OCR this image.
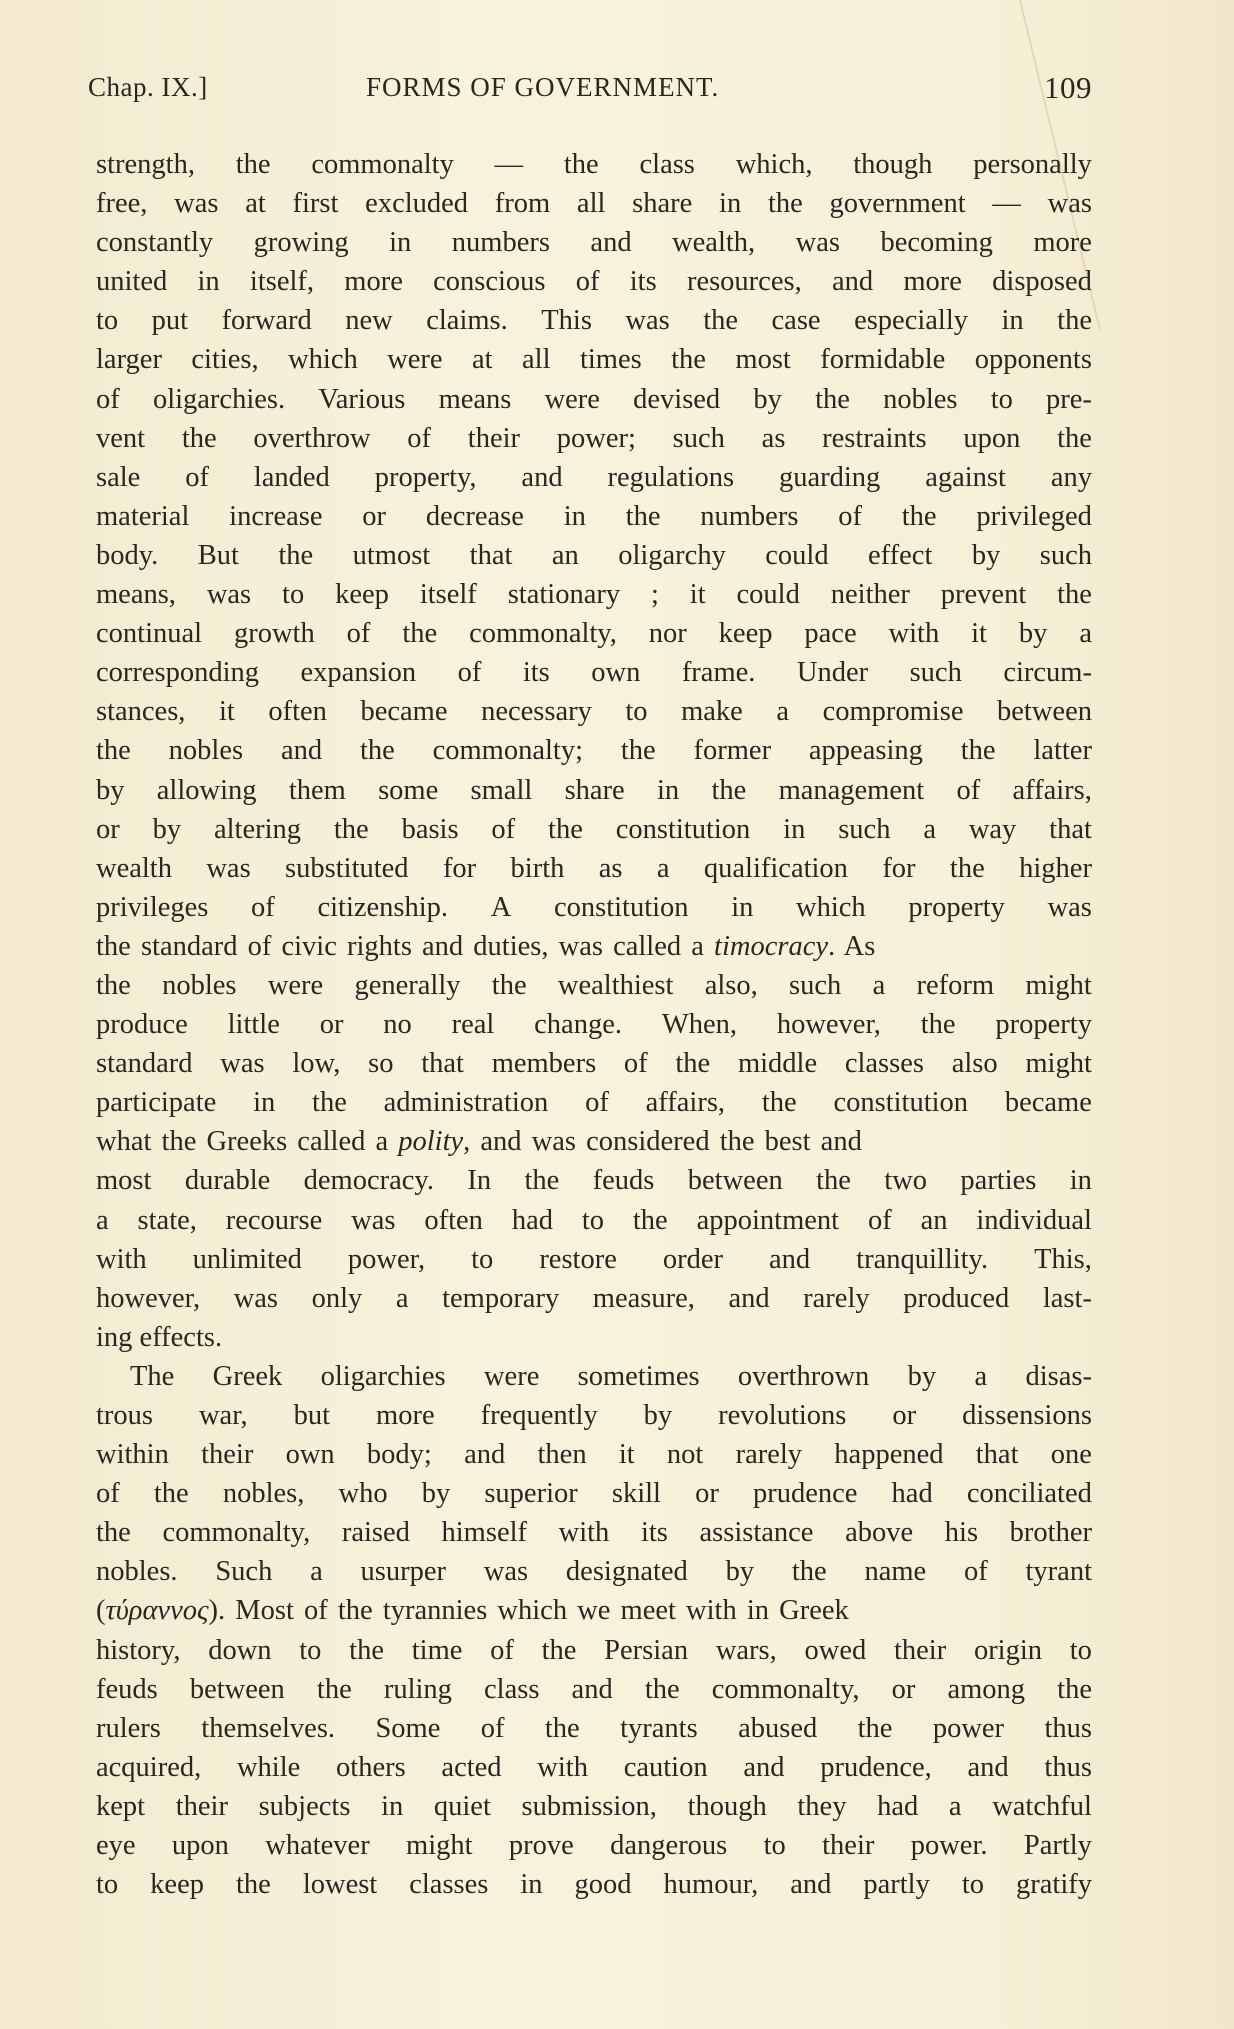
Chap. IX.]	FORMS OF GOVERNMENT.	109
strength, the commonalty — the class which, though personally
free, was at first excluded from all share in the government — was
constantly growing in numbers and wealth, was becoming more
united in itself, more conscious of its resources, and more disposed
to put forward new claims. This was the case especially in the
larger cities, which were at all times the most formidable opponents
of oligarchies. Various means were devised by the nobles to pre-
vent the overthrow of their power; such as restraints upon the
sale of landed property, and regulations guarding against any
material increase or decrease in the numbers of the privileged
body. But the utmost that an oligarchy could effect by such
means, was to keep itself stationary ; it could neither prevent the
continual growth of the commonalty, nor keep pace with it by a
corresponding expansion of its own frame. Under such circum-
stances, it often became necessary to make a compromise between
the nobles and the commonalty; the former appeasing the latter
by allowing them some small share in the management of affairs,
or by altering the basis of the constitution in such a way that
wealth was substituted for birth as a qualification for the higher
privileges of citizenship. A constitution in which property was
the standard of civic rights and duties, was called a timocracy . As
the nobles were generally the wealthiest also, such a reform might
produce little or no real change. When, however, the property
standard was low, so that members of the middle classes also might
participate in the administration of affairs, the constitution became
what the Greeks called a polity , and was considered the best and
most durable democracy. In the feuds between the two parties in
a state, recourse was often had to the appointment of an individual
with unlimited power, to restore order and tranquillity. This,
however, was only a temporary measure, and rarely produced last-
ing effects.
The Greek oligarchies were sometimes overthrown by a disas-
trous war, but more frequently by revolutions or dissensions
within their own body; and then it not rarely happened that one
of the nobles, who by superior skill or prudence had conciliated
the commonalty, raised himself with its assistance above his brother
nobles. Such a usurper was designated by the name of tyrant
( τύραννος ). Most of the tyrannies which we meet with in Greek
history, down to the time of the Persian wars, owed their origin to
feuds between the ruling class and the commonalty, or among the
rulers themselves. Some of the tyrants abused the power thus
acquired, while others acted with caution and prudence, and thus
kept their subjects in quiet submission, though they had a watchful
eye upon whatever might prove dangerous to their power. Partly
to keep the lowest classes in good humour, and partly to gratify
